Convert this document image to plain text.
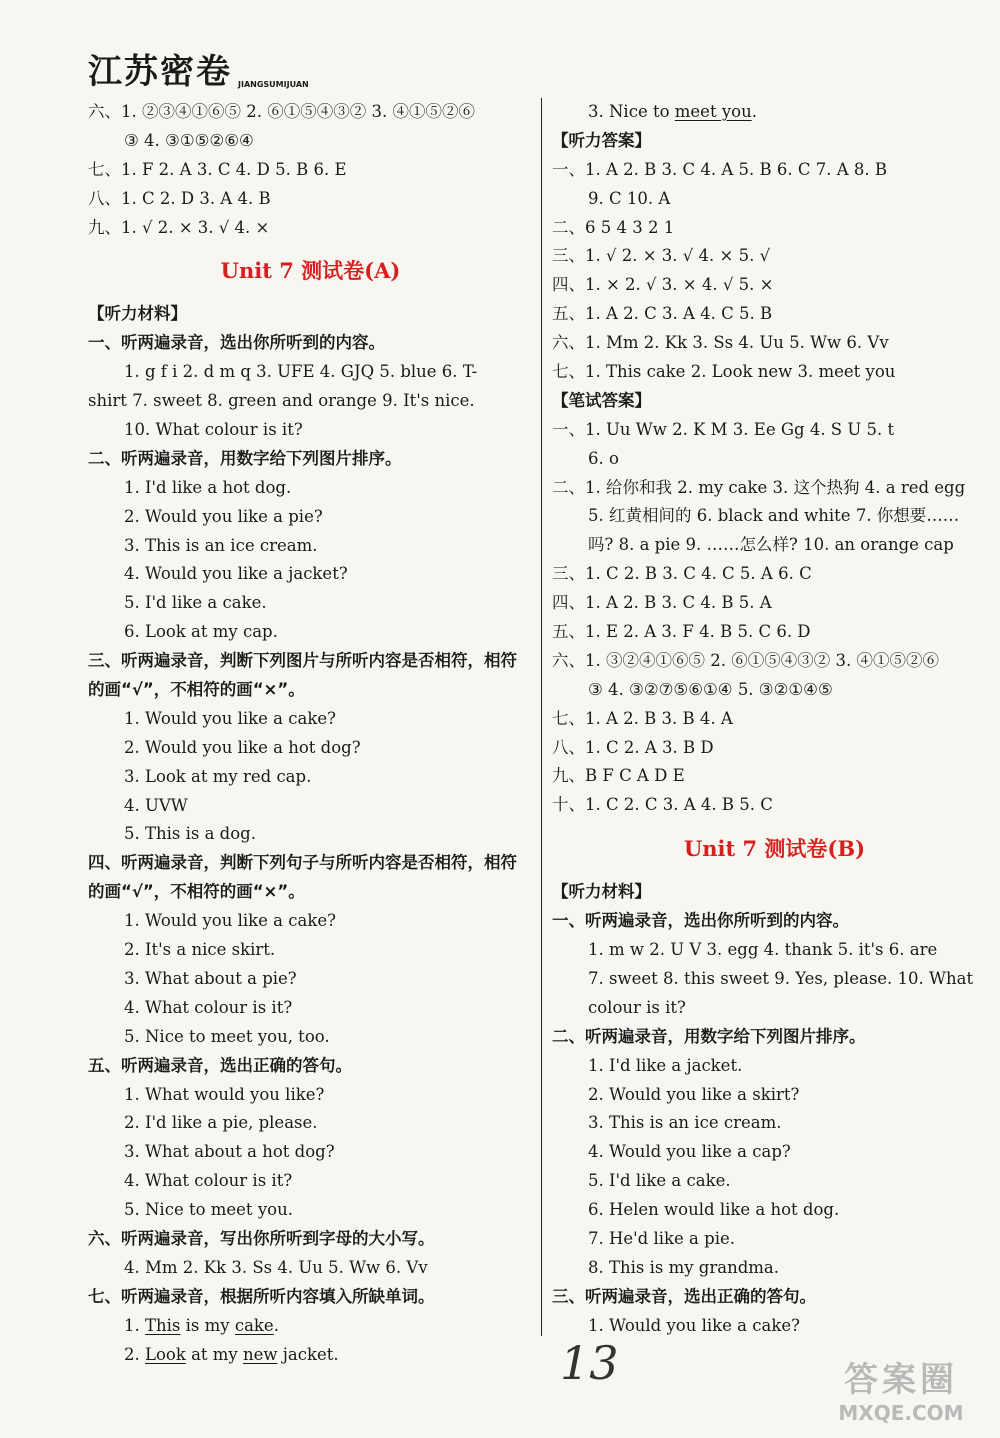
江苏密卷 JIANGSUMIJUAN
六、1. ②③④①⑥⑤ 2. ⑥①⑤④③② 3. ④①⑤②⑥
③ 4. ③①⑤②⑥④
七、1. F 2. A 3. C 4. D 5. B 6. E
八、1. C 2. D 3. A 4. B
九、1. √ 2. × 3. √ 4. ×
Unit 7 测试卷(A)
【听力材料】
一、听两遍录音，选出你所听到的内容。
1. g f i 2. d m q 3. UFE 4. GJQ 5. blue 6. T-
shirt 7. sweet 8. green and orange 9. It's nice.
10. What colour is it?
二、听两遍录音，用数字给下列图片排序。
1. I'd like a hot dog.
2. Would you like a pie?
3. This is an ice cream.
4. Would you like a jacket?
5. I'd like a cake.
6. Look at my cap.
三、听两遍录音，判断下列图片与所听内容是否相符，相符
的画“√”，不相符的画“×”。
1. Would you like a cake?
2. Would you like a hot dog?
3. Look at my red cap.
4. UVW
5. This is a dog.
四、听两遍录音，判断下列句子与所听内容是否相符，相符
的画“√”，不相符的画“×”。
1. Would you like a cake?
2. It's a nice skirt.
3. What about a pie?
4. What colour is it?
5. Nice to meet you, too.
五、听两遍录音，选出正确的答句。
1. What would you like?
2. I'd like a pie, please.
3. What about a hot dog?
4. What colour is it?
5. Nice to meet you.
六、听两遍录音，写出你所听到字母的大小写。
4. Mm 2. Kk 3. Ss 4. Uu 5. Ww 6. Vv
七、听两遍录音，根据所听内容填入所缺单词。
1. This is my cake.
2. Look at my new jacket.
3. Nice to meet you.
【听力答案】
一、1. A 2. B 3. C 4. A 5. B 6. C 7. A 8. B
9. C 10. A
二、6 5 4 3 2 1
三、1. √ 2. × 3. √ 4. × 5. √
四、1. × 2. √ 3. × 4. √ 5. ×
五、1. A 2. C 3. A 4. C 5. B
六、1. Mm 2. Kk 3. Ss 4. Uu 5. Ww 6. Vv
七、1. This cake 2. Look new 3. meet you
【笔试答案】
一、1. Uu Ww 2. K M 3. Ee Gg 4. S U 5. t
6. o
二、1. 给你和我 2. my cake 3. 这个热狗 4. a red egg
5. 红黄相间的 6. black and white 7. 你想要……
吗? 8. a pie 9. ……怎么样? 10. an orange cap
三、1. C 2. B 3. C 4. C 5. A 6. C
四、1. A 2. B 3. C 4. B 5. A
五、1. E 2. A 3. F 4. B 5. C 6. D
六、1. ③②④①⑥⑤ 2. ⑥①⑤④③② 3. ④①⑤②⑥
③ 4. ③②⑦⑤⑥①④ 5. ③②①④⑤
七、1. A 2. B 3. B 4. A
八、1. C 2. A 3. B D
九、B F C A D E
十、1. C 2. C 3. A 4. B 5. C
Unit 7 测试卷(B)
【听力材料】
一、听两遍录音，选出你所听到的内容。
1. m w 2. U V 3. egg 4. thank 5. it's 6. are
7. sweet 8. this sweet 9. Yes, please. 10. What
colour is it?
二、听两遍录音，用数字给下列图片排序。
1. I'd like a jacket.
2. Would you like a skirt?
3. This is an ice cream.
4. Would you like a cap?
5. I'd like a cake.
6. Helen would like a hot dog.
7. He'd like a pie.
8. This is my grandma.
三、听两遍录音，选出正确的答句。
1. Would you like a cake?
13	答案圈
MXQE.COM
